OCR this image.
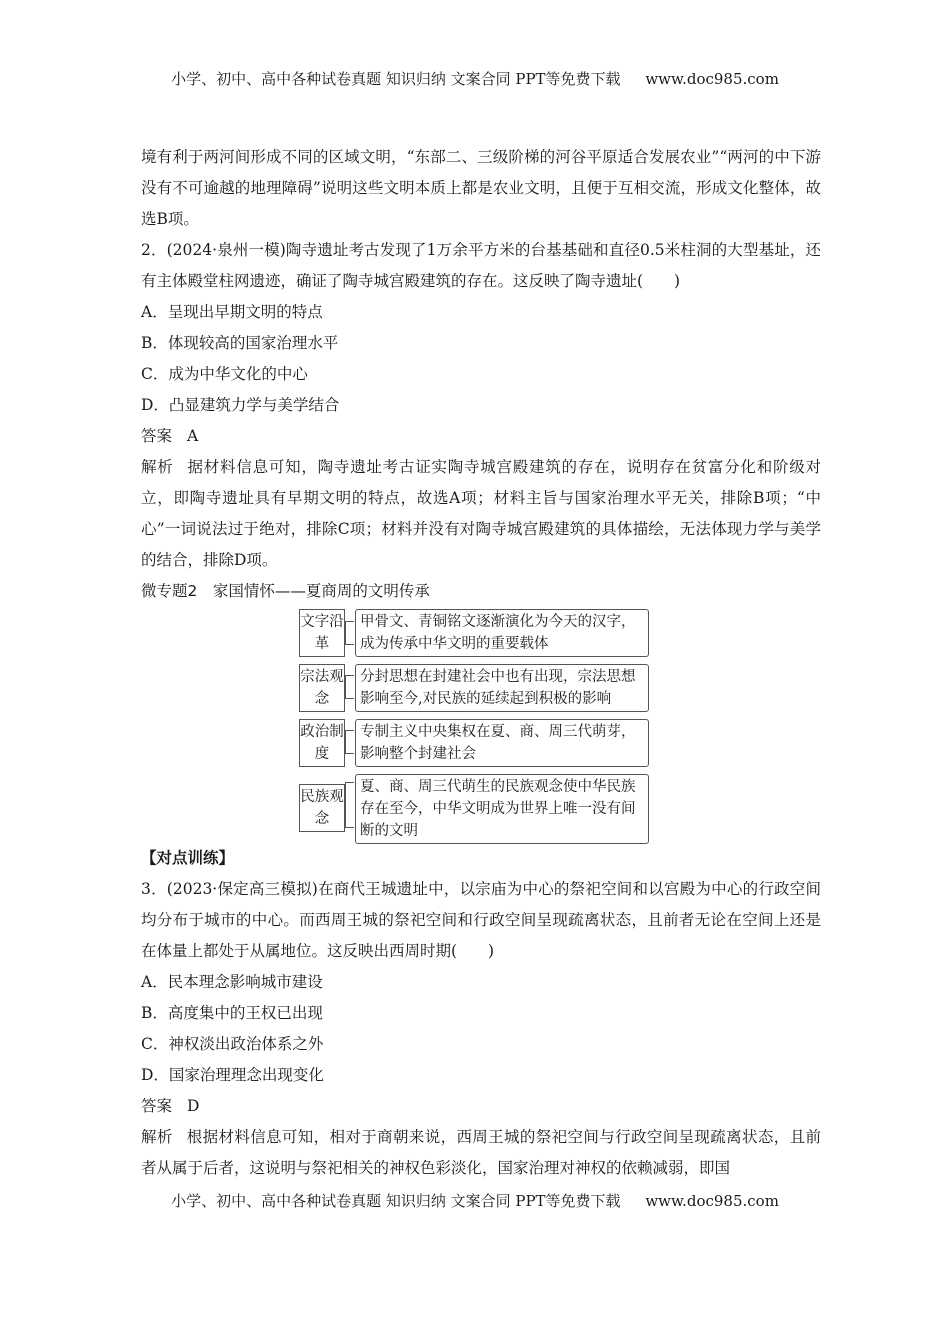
小学、初中、高中各种试卷真题 知识归纳 文案合同 PPT等免费下载 www.doc985.com

境有利于两河间形成不同的区域文明，“东部二、三级阶梯的河谷平原适合发展农业”“两河的中下游没有不可逾越的地理障碍”说明这些文明本质上都是农业文明，且便于互相交流，形成文化整体，故选B项。

2．(2024·泉州一模)陶寺遗址考古发现了1万余平方米的台基基础和直径0.5米柱洞的大型基址，还有主体殿堂柱网遗迹，确证了陶寺城宫殿建筑的存在。这反映了陶寺遗址(　　)

A．呈现出早期文明的特点

B．体现较高的国家治理水平

C．成为中华文化的中心

D．凸显建筑力学与美学结合

答案 A

解析 据材料信息可知，陶寺遗址考古证实陶寺城宫殿建筑的存在，说明存在贫富分化和阶级对立，即陶寺遗址具有早期文明的特点，故选A项；材料主旨与国家治理水平无关，排除B项；“中心”一词说法过于绝对，排除C项；材料并没有对陶寺城宫殿建筑的具体描绘，无法体现力学与美学的结合，排除D项。

微专题2　家国情怀——夏商周的文明传承

文字沿革
甲骨文、青铜铭文逐渐演化为今天的汉字，成为传承中华文明的重要载体
宗法观念
分封思想在封建社会中也有出现，宗法思想影响至今,对民族的延续起到积极的影响
政治制度
专制主义中央集权在夏、商、周三代萌芽，影响整个封建社会
民族观念
夏、商、周三代萌生的民族观念使中华民族存在至今，中华文明成为世界上唯一没有间断的文明

【对点训练】

3．(2023·保定高三模拟)在商代王城遗址中，以宗庙为中心的祭祀空间和以宫殿为中心的行政空间均分布于城市的中心。而西周王城的祭祀空间和行政空间呈现疏离状态，且前者无论在空间上还是在体量上都处于从属地位。这反映出西周时期(　　)

A．民本理念影响城市建设

B．高度集中的王权已出现

C．神权淡出政治体系之外

D．国家治理理念出现变化

答案 D

解析 根据材料信息可知，相对于商朝来说，西周王城的祭祀空间与行政空间呈现疏离状态，且前者从属于后者，这说明与祭祀相关的神权色彩淡化，国家治理对神权的依赖减弱，即国

小学、初中、高中各种试卷真题 知识归纳 文案合同 PPT等免费下载 www.doc985.com
